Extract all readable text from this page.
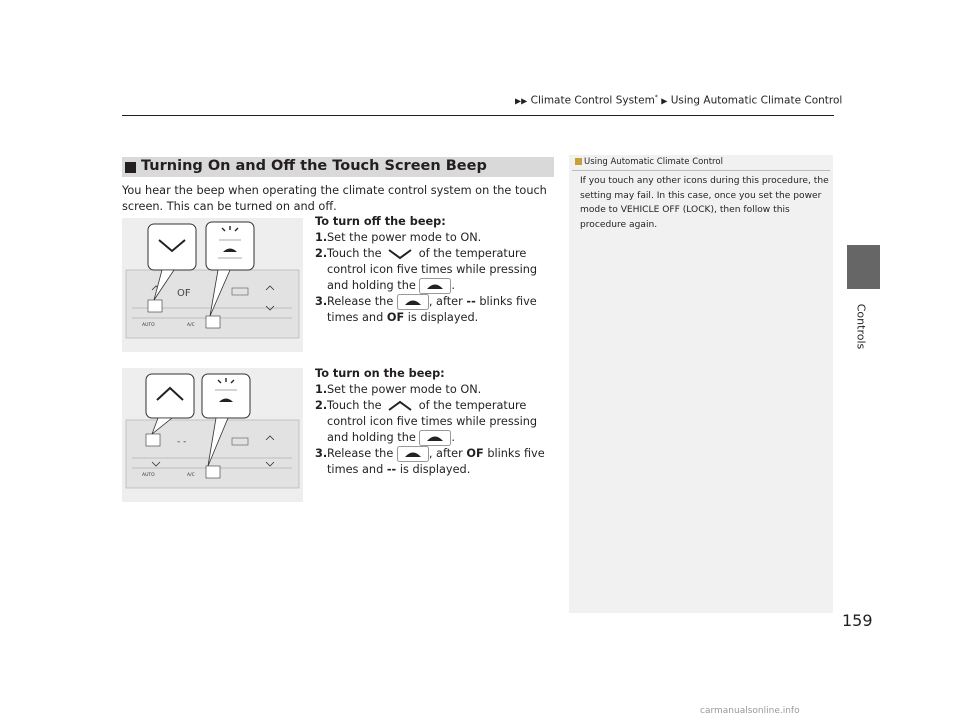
▶▶ Climate Control System* ▶ Using Automatic Climate Control
Controls
159
Turning On and Off the Touch Screen Beep
You hear the beep when operating the climate control system on the touch screen. This can be turned on and off.
OF
AUTO	A/C
To turn off the beep:
1. Set the power mode to ON.
2. Touch the	of the temperature control icon five times while pressing and holding the	.
3. Release the	, after -- blinks five times and OF is displayed.
- -
AUTO	A/C
To turn on the beep:
1. Set the power mode to ON.
2. Touch the	of the temperature control icon five times while pressing and holding the	.
3. Release the	, after OF blinks five times and -- is displayed.
Using Automatic Climate Control
If you touch any other icons during this procedure, the setting may fail. In this case, once you set the power mode to VEHICLE OFF (LOCK), then follow this procedure again.
carmanualsonline.info
